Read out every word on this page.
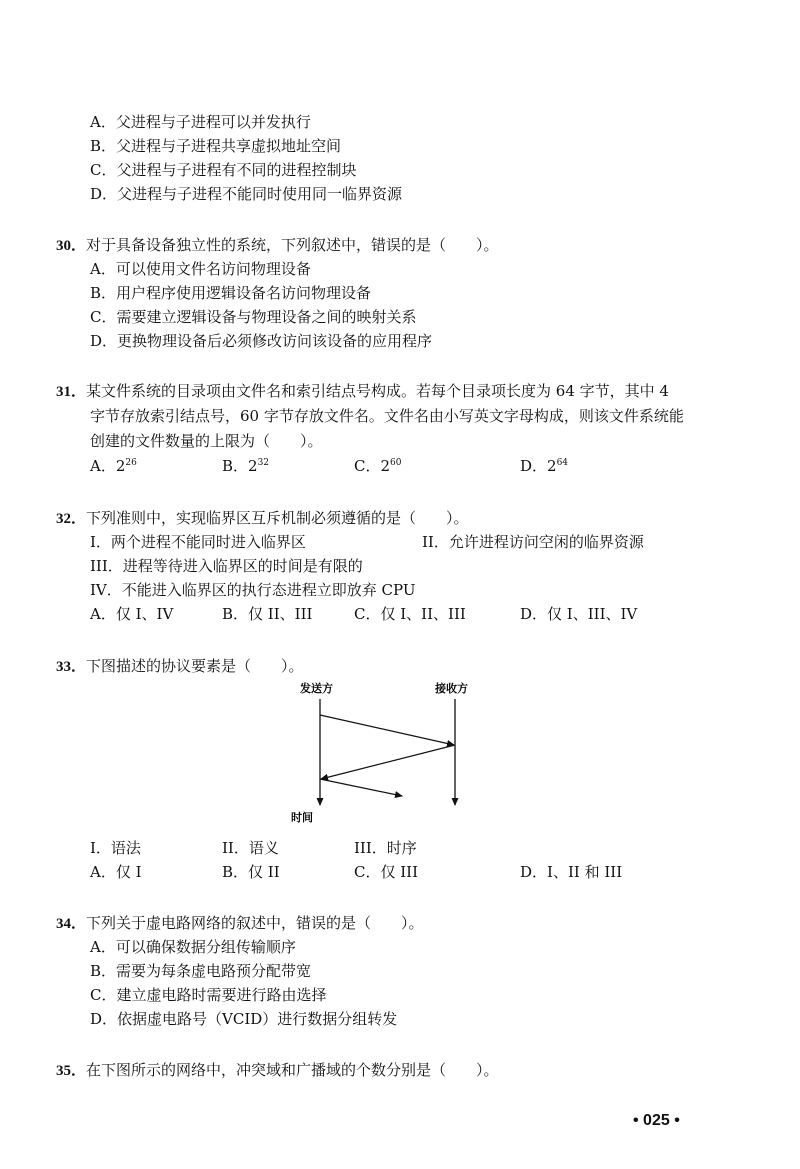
A．父进程与子进程可以并发执行
B．父进程与子进程共享虚拟地址空间
C．父进程与子进程有不同的进程控制块
D．父进程与子进程不能同时使用同一临界资源
30．对于具备设备独立性的系统，下列叙述中，错误的是（　　）。
A．可以使用文件名访问物理设备
B．用户程序使用逻辑设备名访问物理设备
C．需要建立逻辑设备与物理设备之间的映射关系
D．更换物理设备后必须修改访问该设备的应用程序
31．某文件系统的目录项由文件名和索引结点号构成。若每个目录项长度为 64 字节，其中 4
字节存放索引结点号，60 字节存放文件名。文件名由小写英文字母构成，则该文件系统能
创建的文件数量的上限为（　　）。
A．$2^{26}$	B．$2^{32}$	C．$2^{60}$	D．$2^{64}$
32．下列准则中，实现临界区互斥机制必须遵循的是（　　）。
I．两个进程不能同时进入临界区	II．允许进程访问空闲的临界资源
III．进程等待进入临界区的时间是有限的
IV．不能进入临界区的执行态进程立即放弃 CPU
A．仅 I、IV	B．仅 II、III	C．仅 I、II、III	D．仅 I、III、IV
33．下图描述的协议要素是（　　）。
发送方	接收方
时间
I．语法	II．语义	III．时序
A．仅 I	B．仅 II	C．仅 III	D．I、II 和 III
34．下列关于虚电路网络的叙述中，错误的是（　　）。
A．可以确保数据分组传输顺序
B．需要为每条虚电路预分配带宽
C．建立虚电路时需要进行路由选择
D．依据虚电路号（VCID）进行数据分组转发
35．在下图所示的网络中，冲突域和广播域的个数分别是（　　）。
• 025 •
